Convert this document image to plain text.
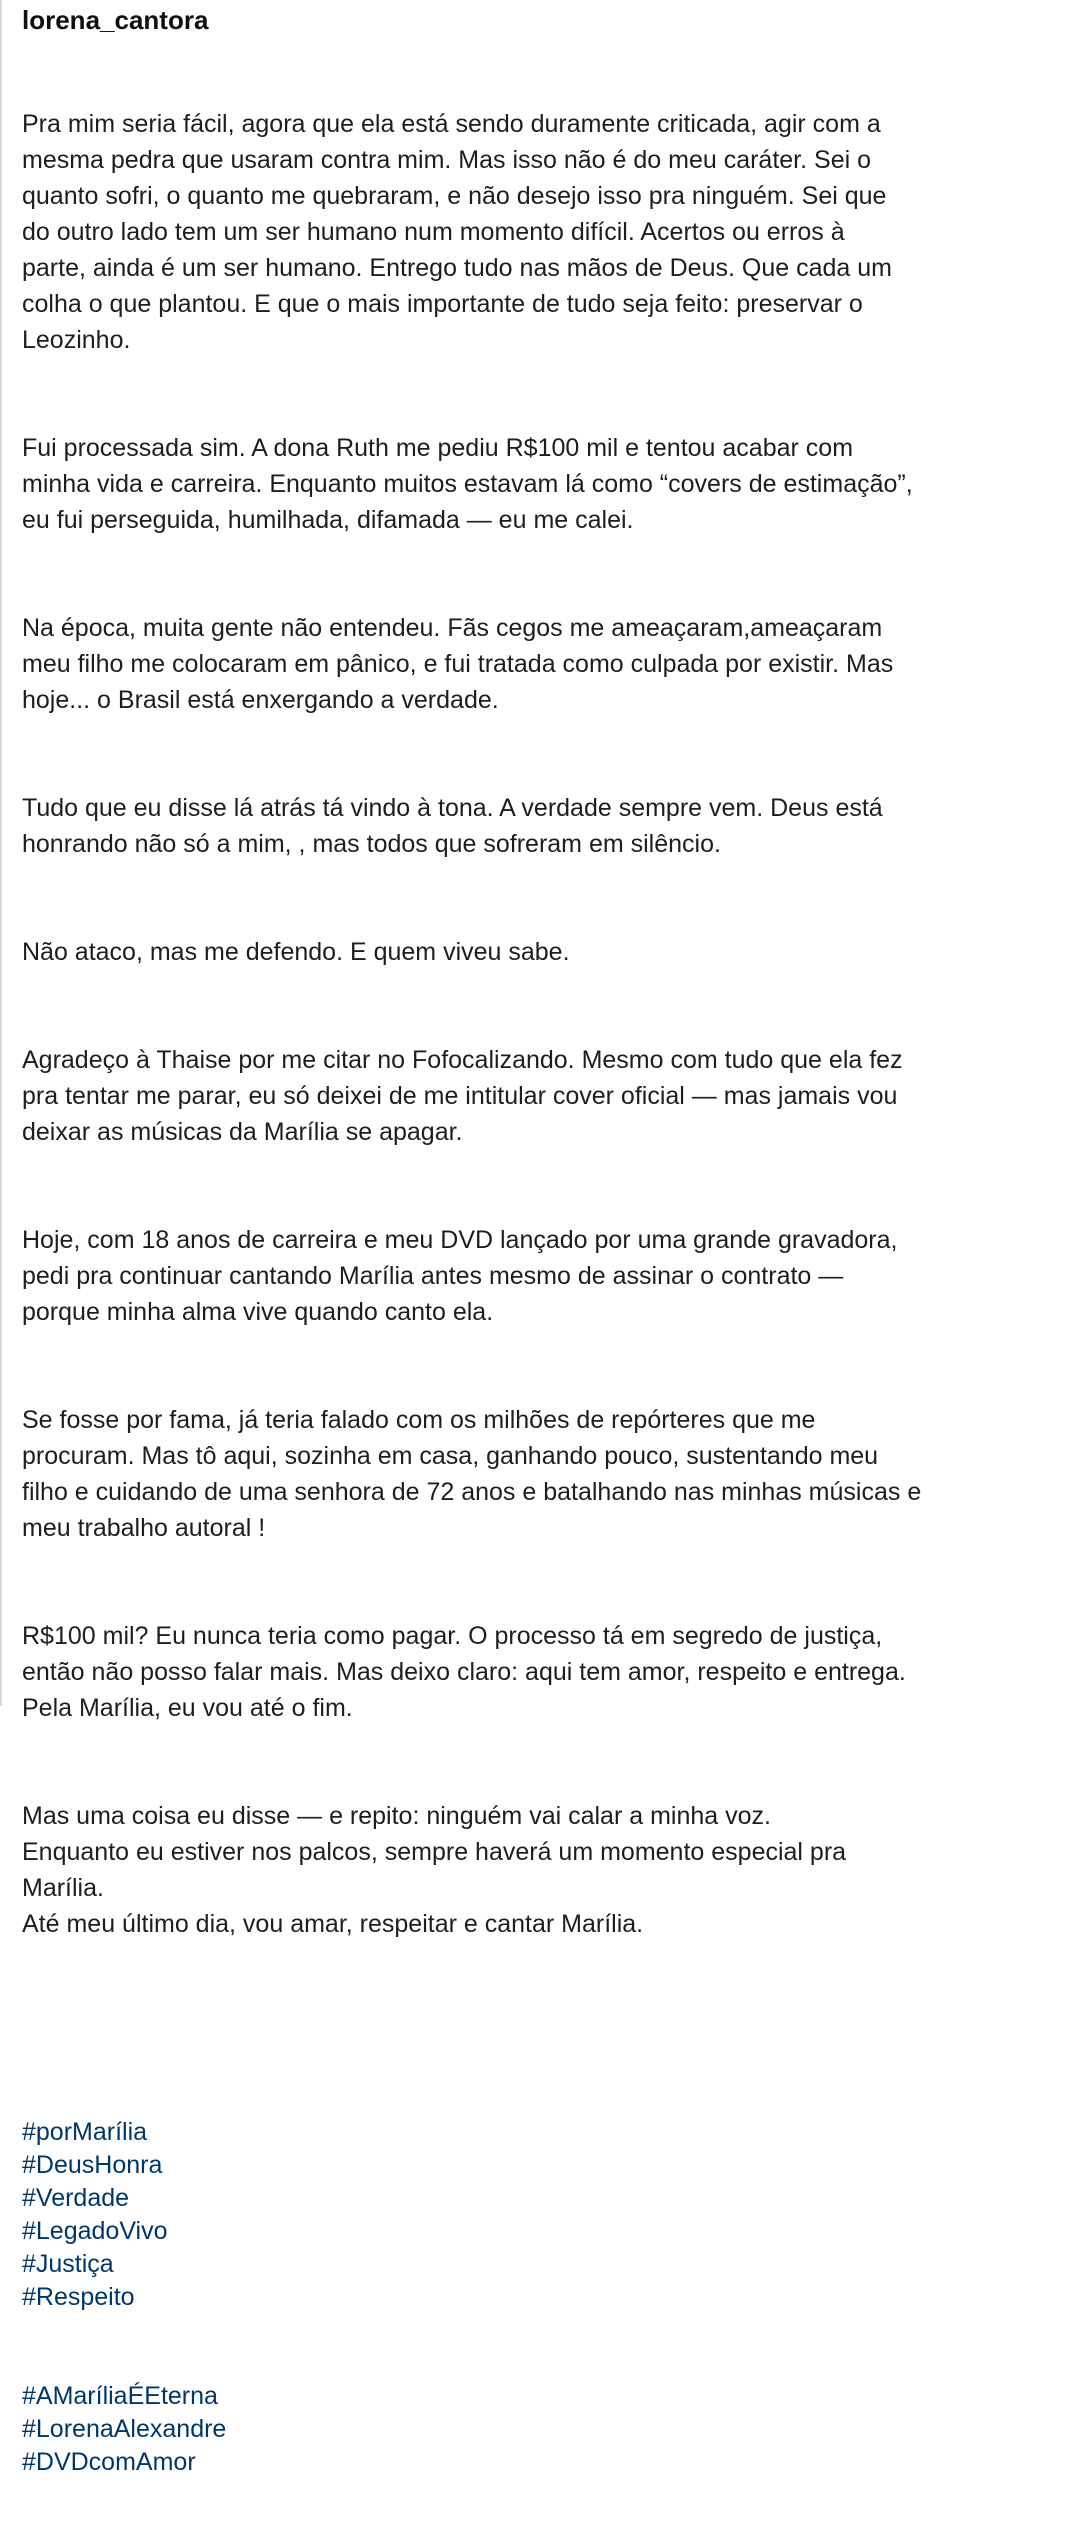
lorena_cantora

Pra mim seria fácil, agora que ela está sendo duramente criticada, agir com a
mesma pedra que usaram contra mim. Mas isso não é do meu caráter. Sei o
quanto sofri, o quanto me quebraram, e não desejo isso pra ninguém. Sei que
do outro lado tem um ser humano num momento difícil. Acertos ou erros à
parte, ainda é um ser humano. Entrego tudo nas mãos de Deus. Que cada um
colha o que plantou. E que o mais importante de tudo seja feito: preservar o
Leozinho.

Fui processada sim. A dona Ruth me pediu R$100 mil e tentou acabar com
minha vida e carreira. Enquanto muitos estavam lá como “covers de estimação”,
eu fui perseguida, humilhada, difamada — eu me calei.

Na época, muita gente não entendeu. Fãs cegos me ameaçaram,ameaçaram
meu filho me colocaram em pânico, e fui tratada como culpada por existir. Mas
hoje... o Brasil está enxergando a verdade.

Tudo que eu disse lá atrás tá vindo à tona. A verdade sempre vem. Deus está
honrando não só a mim, , mas todos que sofreram em silêncio.

Não ataco, mas me defendo. E quem viveu sabe.

Agradeço à Thaise por me citar no Fofocalizando. Mesmo com tudo que ela fez
pra tentar me parar, eu só deixei de me intitular cover oficial — mas jamais vou
deixar as músicas da Marília se apagar.

Hoje, com 18 anos de carreira e meu DVD lançado por uma grande gravadora,
pedi pra continuar cantando Marília antes mesmo de assinar o contrato —
porque minha alma vive quando canto ela.

Se fosse por fama, já teria falado com os milhões de repórteres que me
procuram. Mas tô aqui, sozinha em casa, ganhando pouco, sustentando meu
filho e cuidando de uma senhora de 72 anos e batalhando nas minhas músicas e
meu trabalho autoral !

R$100 mil? Eu nunca teria como pagar. O processo tá em segredo de justiça,
então não posso falar mais. Mas deixo claro: aqui tem amor, respeito e entrega.
Pela Marília, eu vou até o fim.

Mas uma coisa eu disse — e repito: ninguém vai calar a minha voz.
Enquanto eu estiver nos palcos, sempre haverá um momento especial pra
Marília.
Até meu último dia, vou amar, respeitar e cantar Marília.

#porMarília
#DeusHonra
#Verdade
#LegadoVivo
#Justiça
#Respeito

#AMaríliaÉEterna
#LorenaAlexandre
#DVDcomAmor
